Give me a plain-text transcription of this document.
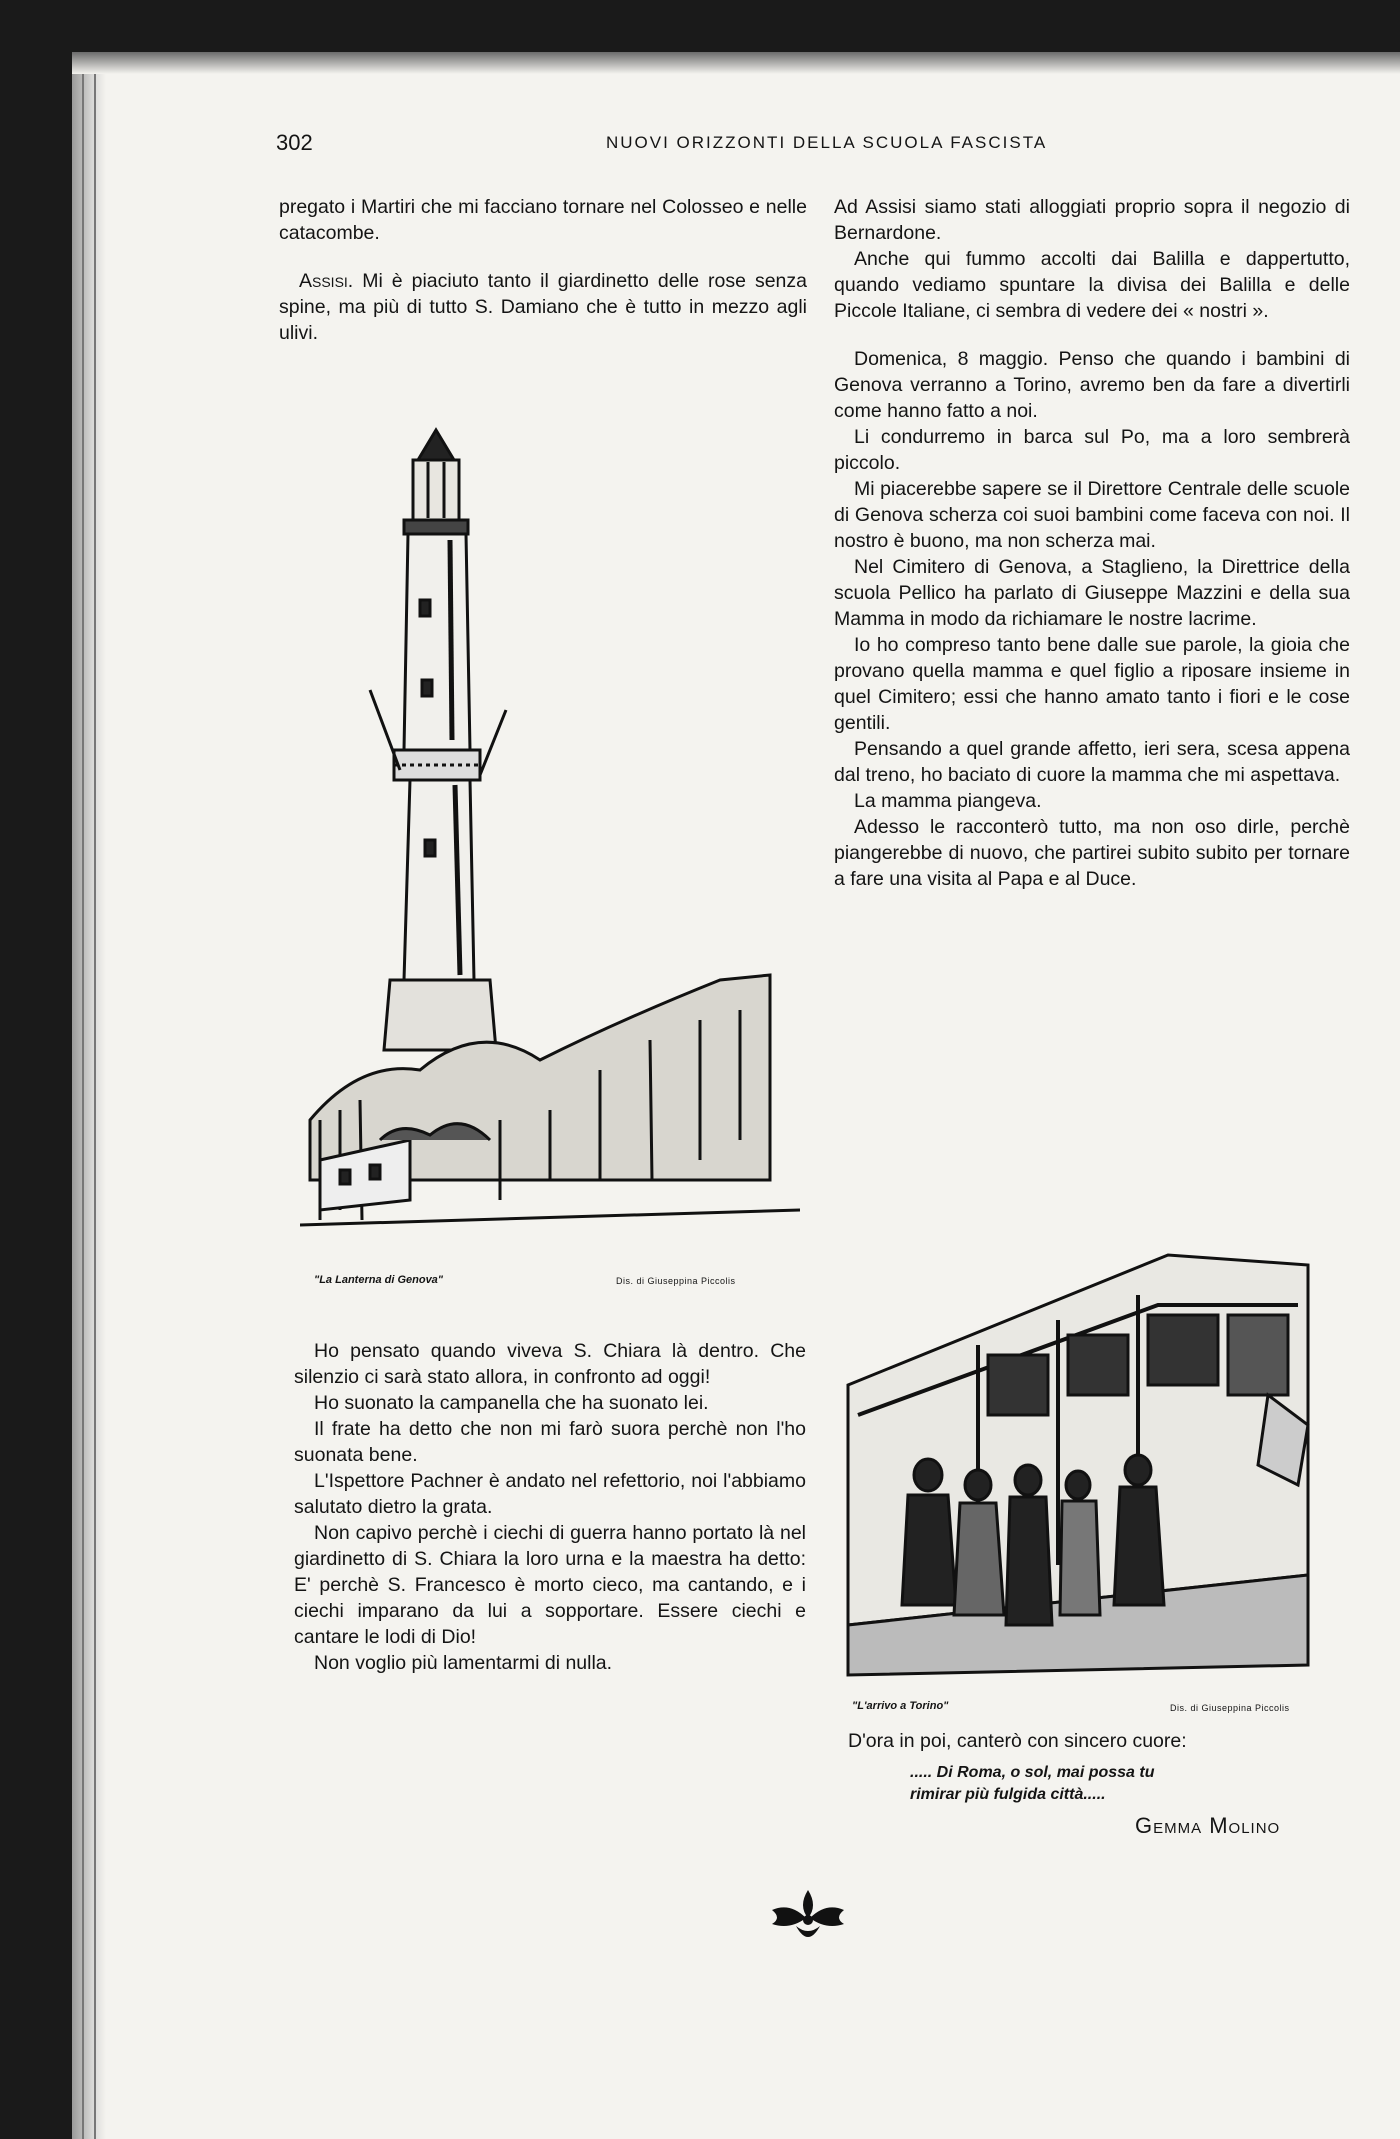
302	NUOVI ORIZZONTI DELLA SCUOLA FASCISTA

pregato i Martiri che mi facciano tornare nel Colosseo e nelle catacombe.

Assisi. Mi è piaciuto tanto il giardinetto delle rose senza spine, ma più di tutto S. Damiano che è tutto in mezzo agli ulivi.

"La Lanterna di Genova"	Dis. di Giuseppina Piccolis

Ho pensato quando viveva S. Chiara là dentro. Che silenzio ci sarà stato allora, in confronto ad oggi!

Ho suonato la campanella che ha suonato lei.

Il frate ha detto che non mi farò suora perchè non l'ho suonata bene.

L'Ispettore Pachner è andato nel refettorio, noi l'abbiamo salutato dietro la grata.

Non capivo perchè i ciechi di guerra hanno portato là nel giardinetto di S. Chiara la loro urna e la maestra ha detto: E' perchè S. Francesco è morto cieco, ma cantando, e i ciechi imparano da lui a sopportare. Essere ciechi e cantare le lodi di Dio!

Non voglio più lamentarmi di nulla.

Ad Assisi siamo stati alloggiati proprio sopra il negozio di Bernardone.

Anche qui fummo accolti dai Balilla e dappertutto, quando vediamo spuntare la divisa dei Balilla e delle Piccole Italiane, ci sembra di vedere dei « nostri ».

Domenica, 8 maggio. Penso che quando i bambini di Genova verranno a Torino, avremo ben da fare a divertirli come hanno fatto a noi.

Li condurremo in barca sul Po, ma a loro sembrerà piccolo.

Mi piacerebbe sapere se il Direttore Centrale delle scuole di Genova scherza coi suoi bambini come faceva con noi. Il nostro è buono, ma non scherza mai.

Nel Cimitero di Genova, a Staglieno, la Direttrice della scuola Pellico ha parlato di Giuseppe Mazzini e della sua Mamma in modo da richiamare le nostre lacrime.

Io ho compreso tanto bene dalle sue parole, la gioia che provano quella mamma e quel figlio a riposare insieme in quel Cimitero; essi che hanno amato tanto i fiori e le cose gentili.

Pensando a quel grande affetto, ieri sera, scesa appena dal treno, ho baciato di cuore la mamma che mi aspettava.

La mamma piangeva.

Adesso le racconterò tutto, ma non oso dirle, perchè piangerebbe di nuovo, che partirei subito subito per tornare a fare una visita al Papa e al Duce.

"L'arrivo a Torino"	Dis. di Giuseppina Piccolis

D'ora in poi, canterò con sincero cuore:

..... Di Roma, o sol, mai possa tu
rimirar più fulgida città.....
Gemma Molino
